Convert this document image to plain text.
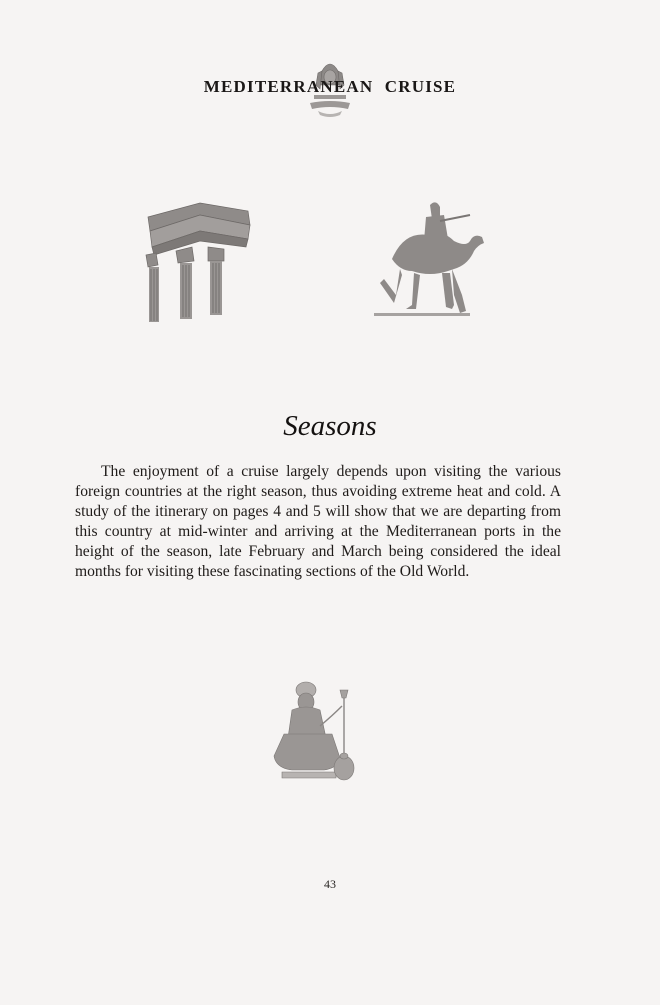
MEDITERRANEAN CRUISE
Seasons

The enjoyment of a cruise largely depends upon visiting the various foreign countries at the right season, thus avoiding extreme heat and cold. A study of the itinerary on pages 4 and 5 will show that we are departing from this country at mid-winter and arriving at the Mediterranean ports in the height of the season, late February and March being considered the ideal months for visiting these fascinating sections of the Old World.

43
